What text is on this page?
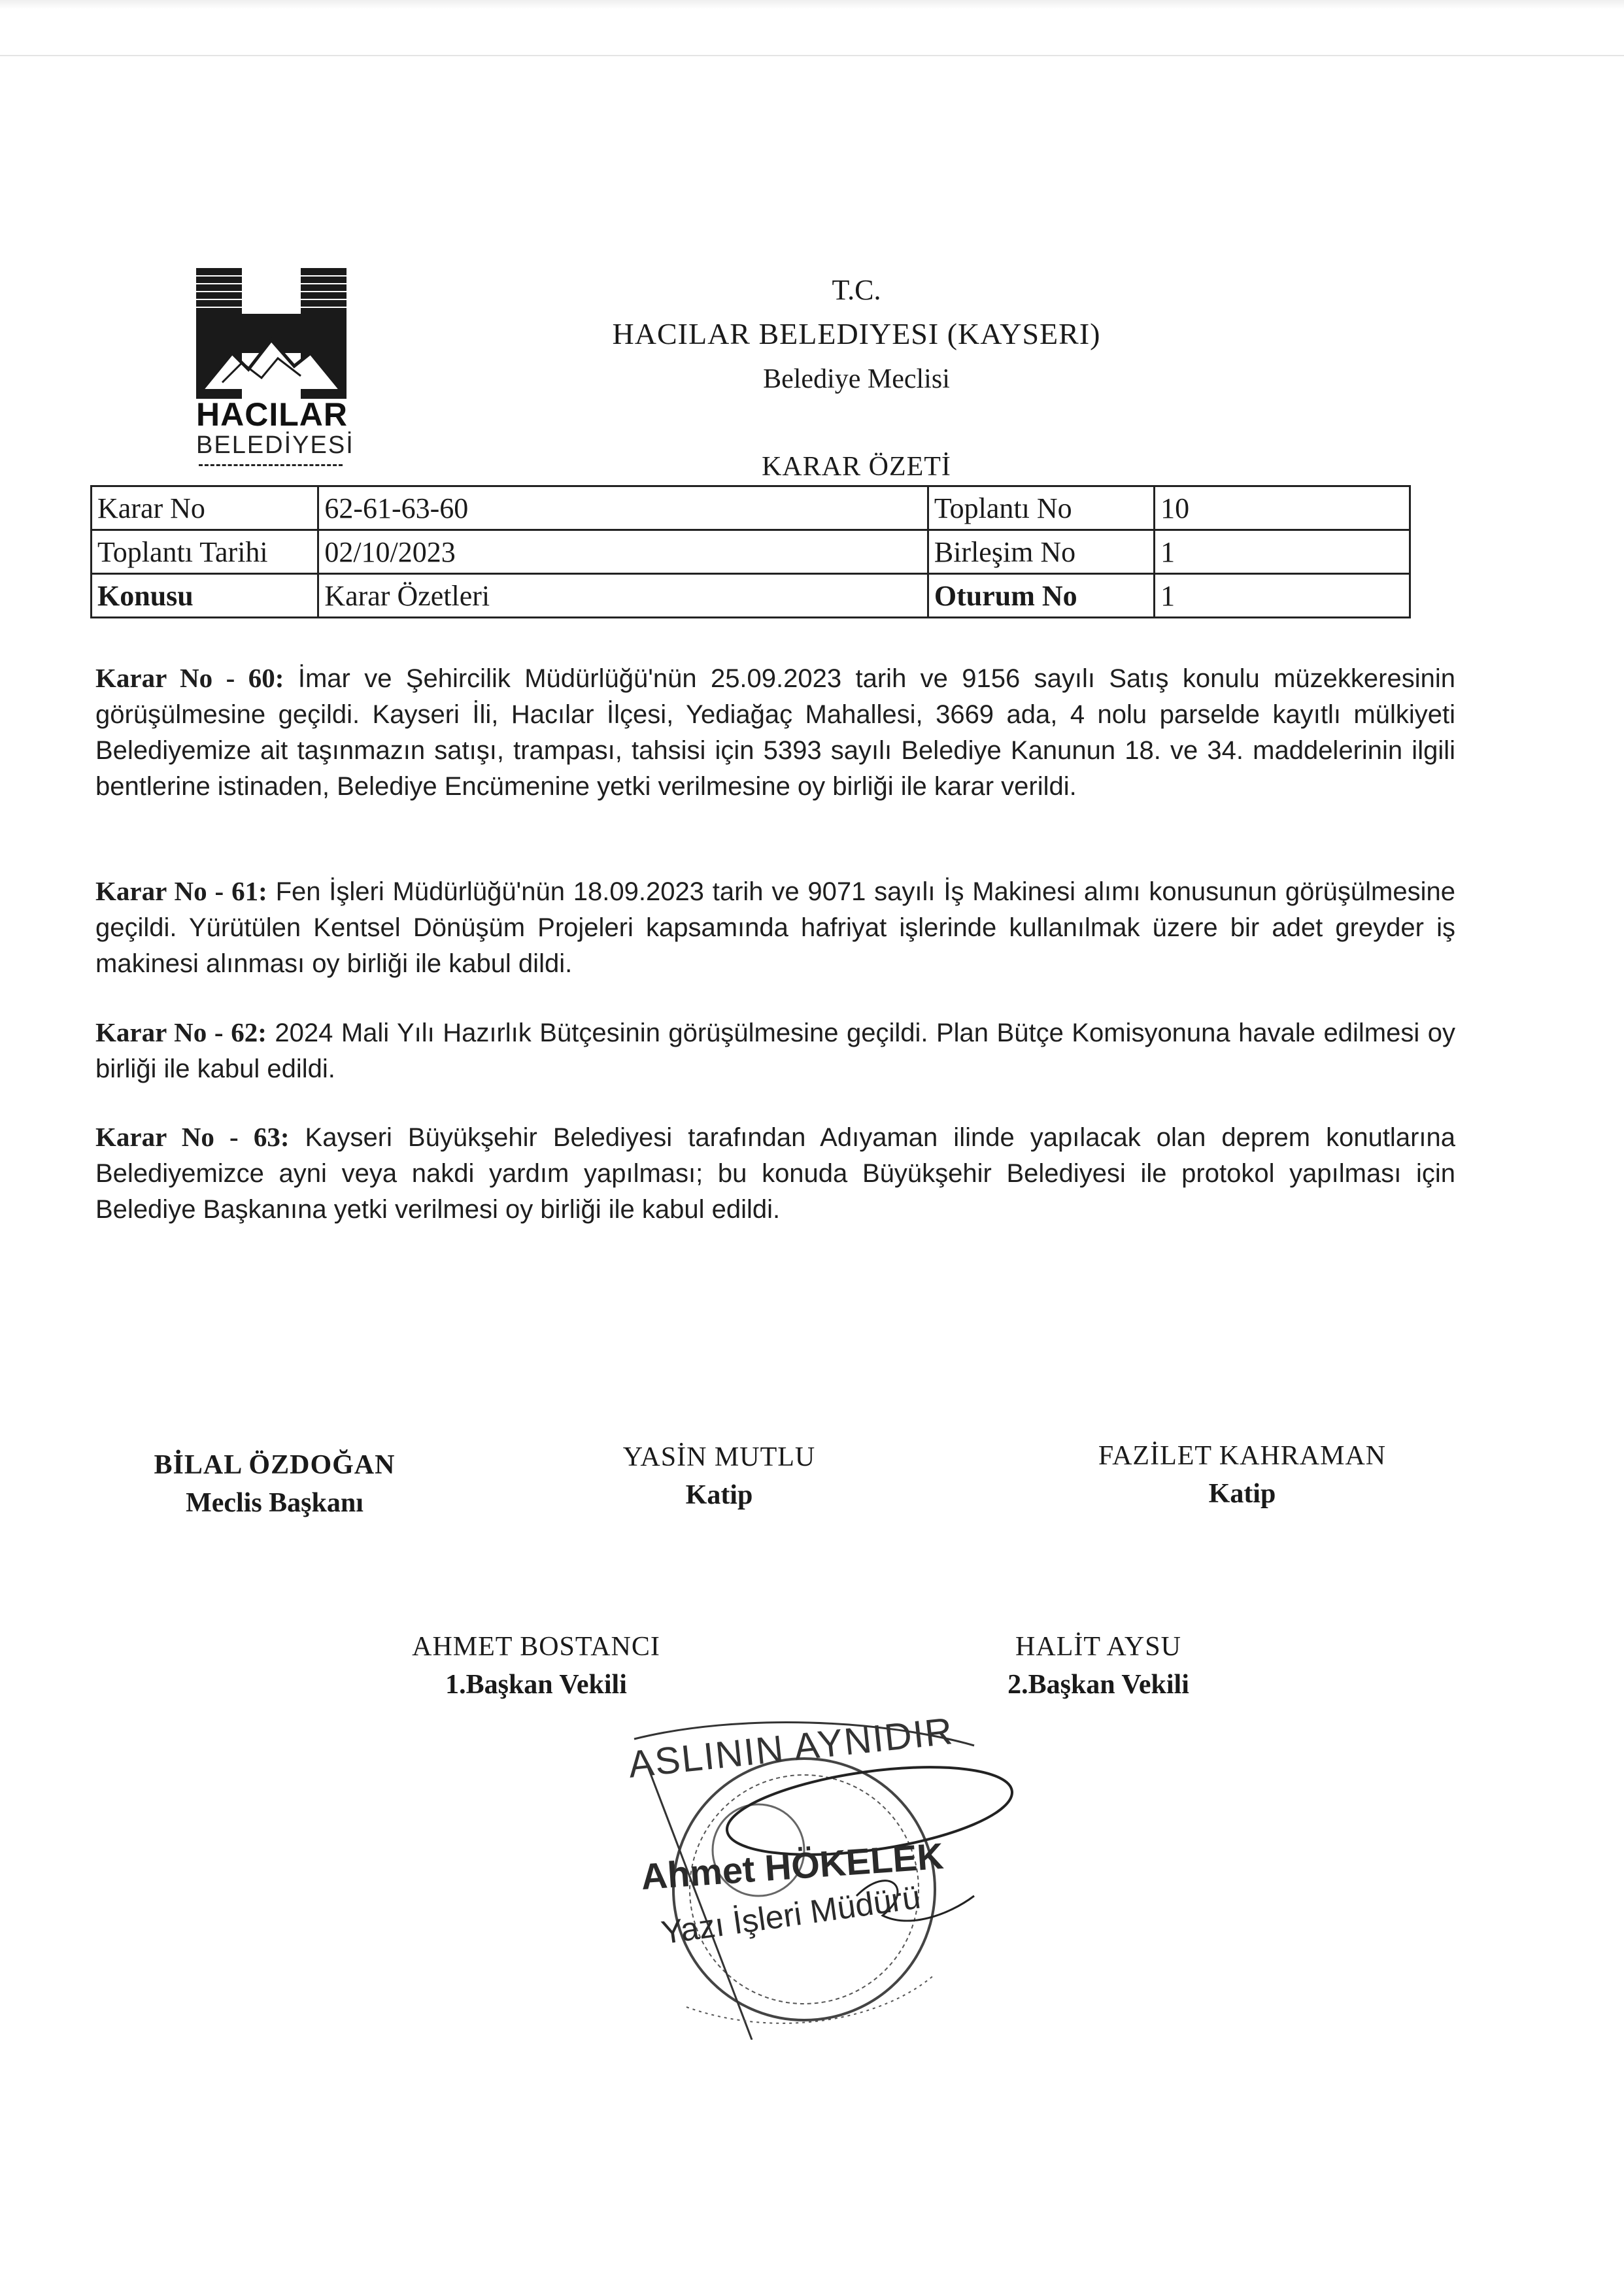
HACILAR
BELEDİYESİ
T.C.
HACILAR BELEDIYESI (KAYSERI)
Belediye Meclisi
KARAR ÖZETİ
Karar No	62-61-63-60	Toplantı No	10
Toplantı Tarihi	02/10/2023	Birleşim No	1
Konusu	Karar Özetleri	Oturum No	1
Karar No - 60: İmar ve Şehircilik Müdürlüğü'nün 25.09.2023 tarih ve 9156 sayılı Satış konulu müzekkeresinin görüşülmesine geçildi. Kayseri İli, Hacılar İlçesi, Yediağaç Mahallesi, 3669 ada, 4 nolu parselde kayıtlı mülkiyeti Belediyemize ait taşınmazın satışı, trampası, tahsisi için 5393 sayılı Belediye Kanunun 18. ve 34. maddelerinin ilgili bentlerine istinaden, Belediye Encümenine yetki verilmesine oy birliği ile karar verildi.
Karar No - 61: Fen İşleri Müdürlüğü'nün 18.09.2023 tarih ve 9071 sayılı İş Makinesi alımı konusunun görüşülmesine geçildi. Yürütülen Kentsel Dönüşüm Projeleri kapsamında hafriyat işlerinde kullanılmak üzere bir adet greyder iş makinesi alınması oy birliği ile kabul dildi.
Karar No - 62: 2024 Mali Yılı Hazırlık Bütçesinin görüşülmesine geçildi. Plan Bütçe Komisyonuna havale edilmesi oy birliği ile kabul edildi.
Karar No - 63: Kayseri Büyükşehir Belediyesi tarafından Adıyaman ilinde yapılacak olan deprem konutlarına Belediyemizce ayni veya nakdi yardım yapılması; bu konuda Büyükşehir Belediyesi ile protokol yapılması için Belediye Başkanına yetki verilmesi oy birliği ile kabul edildi.
BİLAL ÖZDOĞAN
Meclis Başkanı
YASİN MUTLU
Katip
FAZİLET KAHRAMAN
Katip
AHMET BOSTANCI
1.Başkan Vekili
HALİT AYSU
2.Başkan Vekili
ASLININ AYNIDIR
Ahmet HÖKELEK
Yazı İşleri Müdürü
